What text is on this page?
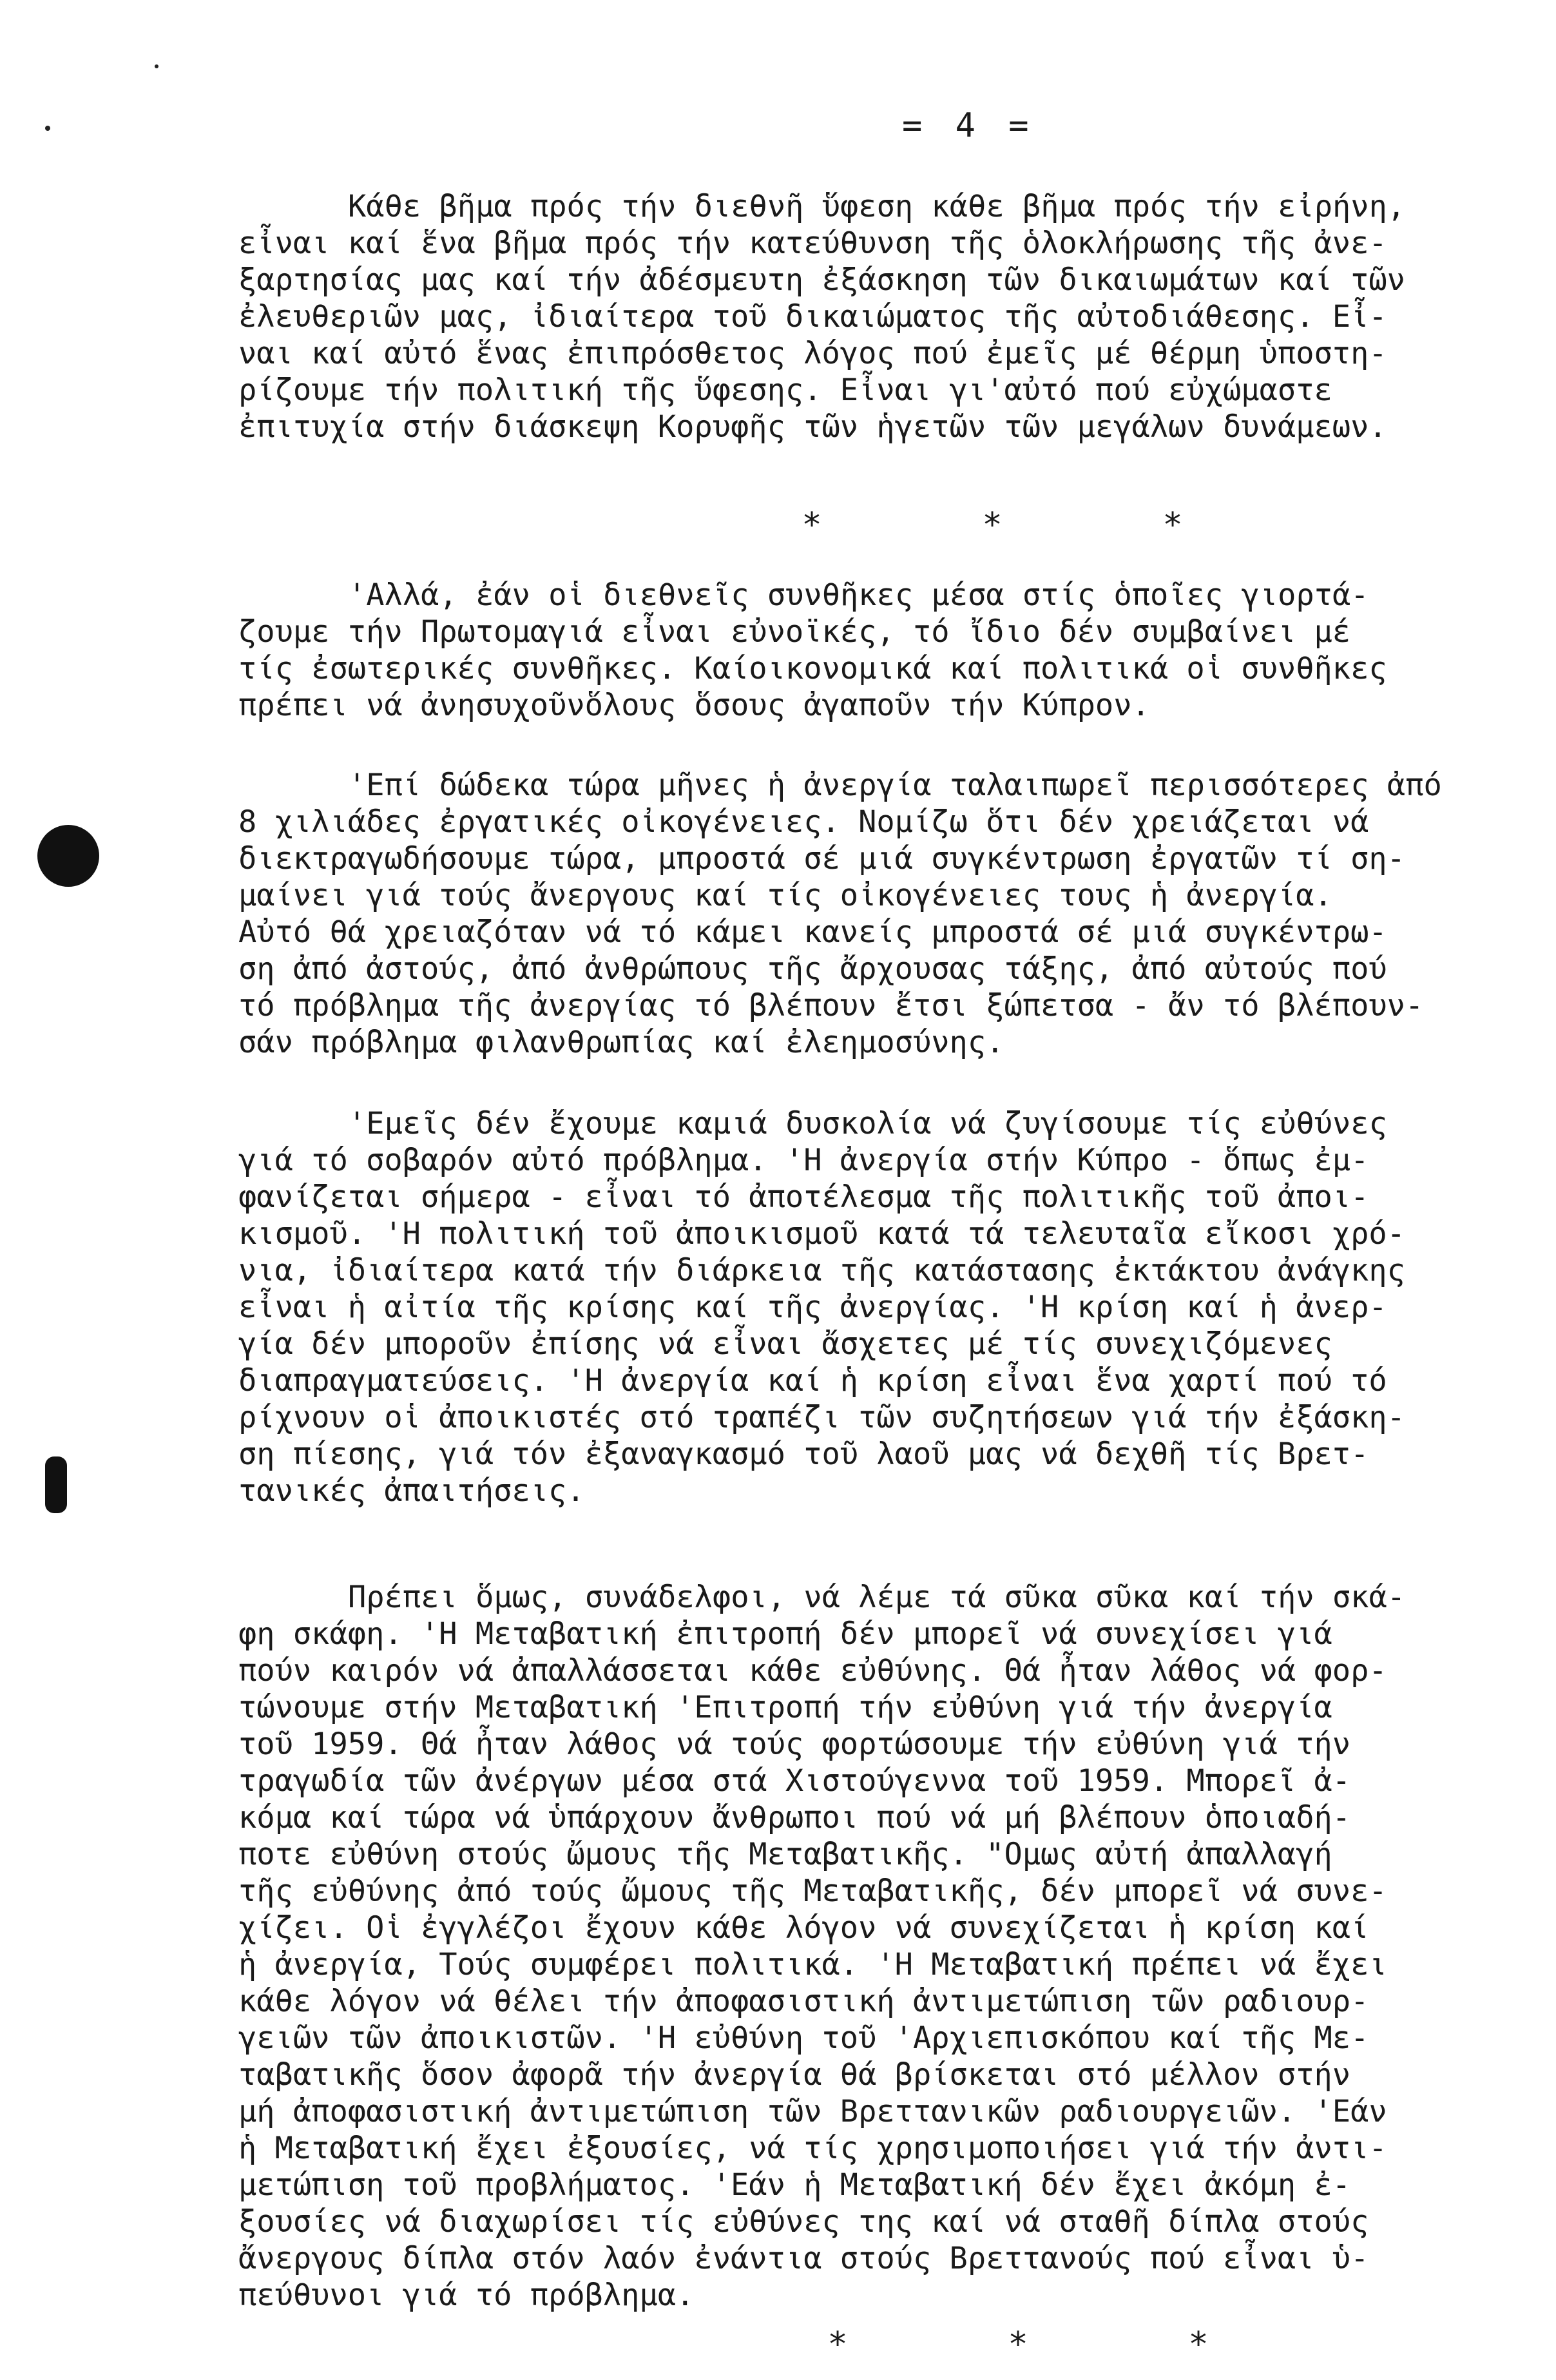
= 4 =
Κάθε βῆμα πρός τήν διεθνῆ ὕφεση κάθε βῆμα πρός τήν εἰρήνη,
εἶναι καί ἕνα βῆμα πρός τήν κατεύθυνση τῆς ὁλοκλήρωσης τῆς ἀνε-
ξαρτησίας μας καί τήν ἀδέσμευτη ἐξάσκηση τῶν δικαιωμάτων καί τῶν
ἐλευθεριῶν μας, ἰδιαίτερα τοῦ δικαιώματος τῆς αὐτοδιάθεσης. Εἶ-
ναι καί αὐτό ἕνας ἐπιπρόσθετος λόγος πού ἐμεῖς μέ θέρμη ὑποστη-
ρίζουμε τήν πολιτική τῆς ὕφεσης. Εἶναι γι'αὐτό πού εὐχώμαστε
ἐπιτυχία στήν διάσκεψη Κορυφῆς τῶν ἡγετῶν τῶν μεγάλων δυνάμεων.
*	*	*
'Αλλά, ἐάν οἱ διεθνεῖς συνθῆκες μέσα στίς ὁποῖες γιορτά-
ζουμε τήν Πρωτομαγιά εἶναι εὐνοϊκές, τό ἴδιο δέν συμβαίνει μέ
τίς ἐσωτερικές συνθῆκες. Καίοικονομικά καί πολιτικά οἱ συνθῆκες
πρέπει νά ἀνησυχοῦνὅλους ὅσους ἀγαποῦν τήν Κύπρον.
'Επί δώδεκα τώρα μῆνες ἡ ἀνεργία ταλαιπωρεῖ περισσότερες ἀπό
8 χιλιάδες ἐργατικές οἰκογένειες. Νομίζω ὅτι δέν χρειάζεται νά
διεκτραγωδήσουμε τώρα, μπροστά σέ μιά συγκέντρωση ἐργατῶν τί ση-
μαίνει γιά τούς ἄνεργους καί τίς οἰκογένειες τους ἡ ἀνεργία.
Αὐτό θά χρειαζόταν νά τό κάμει κανείς μπροστά σέ μιά συγκέντρω-
ση ἀπό ἀστούς, ἀπό ἀνθρώπους τῆς ἄρχουσας τάξης, ἀπό αὐτούς πού
τό πρόβλημα τῆς ἀνεργίας τό βλέπουν ἔτσι ξώπετσα - ἄν τό βλέπουν-
σάν πρόβλημα φιλανθρωπίας καί ἐλεημοσύνης.
'Εμεῖς δέν ἔχουμε καμιά δυσκολία νά ζυγίσουμε τίς εὐθύνες
γιά τό σοβαρόν αὐτό πρόβλημα. 'Η ἀνεργία στήν Κύπρο - ὅπως ἐμ-
φανίζεται σήμερα - εἶναι τό ἀποτέλεσμα τῆς πολιτικῆς τοῦ ἀποι-
κισμοῦ. 'Η πολιτική τοῦ ἀποικισμοῦ κατά τά τελευταῖα εἴκοσι χρό-
νια, ἰδιαίτερα κατά τήν διάρκεια τῆς κατάστασης ἐκτάκτου ἀνάγκης
εἶναι ἡ αἰτία τῆς κρίσης καί τῆς ἀνεργίας. 'Η κρίση καί ἡ ἀνερ-
γία δέν μποροῦν ἐπίσης νά εἶναι ἄσχετες μέ τίς συνεχιζόμενες
διαπραγματεύσεις. 'Η ἀνεργία καί ἡ κρίση εἶναι ἕνα χαρτί πού τό
ρίχνουν οἱ ἀποικιστές στό τραπέζι τῶν συζητήσεων γιά τήν ἐξάσκη-
ση πίεσης, γιά τόν ἐξαναγκασμό τοῦ λαοῦ μας νά δεχθῆ τίς Βρετ-
τανικές ἀπαιτήσεις.
Πρέπει ὅμως, συνάδελφοι, νά λέμε τά σῦκα σῦκα καί τήν σκά-
φη σκάφη. 'Η Μεταβατική ἐπιτροπή δέν μπορεῖ νά συνεχίσει γιά
πούν καιρόν νά ἀπαλλάσσεται κάθε εὐθύνης. Θά ἦταν λάθος νά φορ-
τώνουμε στήν Μεταβατική 'Επιτροπή τήν εὐθύνη γιά τήν ἀνεργία
τοῦ 1959. Θά ἦταν λάθος νά τούς φορτώσουμε τήν εὐθύνη γιά τήν
τραγωδία τῶν ἀνέργων μέσα στά Χιστούγεννα τοῦ 1959. Μπορεῖ ἀ-
κόμα καί τώρα νά ὑπάρχουν ἄνθρωποι πού νά μή βλέπουν ὁποιαδή-
ποτε εὐθύνη στούς ὤμους τῆς Μεταβατικῆς. "Ομως αὐτή ἀπαλλαγή
τῆς εὐθύνης ἀπό τούς ὤμους τῆς Μεταβατικῆς, δέν μπορεῖ νά συνε-
χίζει. Οἱ ἐγγλέζοι ἔχουν κάθε λόγον νά συνεχίζεται ἡ κρίση καί
ἡ ἀνεργία, Τούς συμφέρει πολιτικά. 'Η Μεταβατική πρέπει νά ἔχει
κάθε λόγον νά θέλει τήν ἀποφασιστική ἀντιμετώπιση τῶν ραδιουρ-
γειῶν τῶν ἀποικιστῶν. 'Η εὐθύνη τοῦ 'Αρχιεπισκόπου καί τῆς Με-
ταβατικῆς ὅσον ἀφορᾶ τήν ἀνεργία θά βρίσκεται στό μέλλον στήν
μή ἀποφασιστική ἀντιμετώπιση τῶν Βρεττανικῶν ραδιουργειῶν. 'Εάν
ἡ Μεταβατική ἔχει ἐξουσίες, νά τίς χρησιμοποιήσει γιά τήν ἀντι-
μετώπιση τοῦ προβλήματος. 'Εάν ἡ Μεταβατική δέν ἔχει ἀκόμη ἐ-
ξουσίες νά διαχωρίσει τίς εὐθύνες της καί νά σταθῆ δίπλα στούς
ἄνεργους δίπλα στόν λαόν ἐνάντια στούς Βρεττανούς πού εἶναι ὑ-
πεύθυνοι γιά τό πρόβλημα.
*	*	*
